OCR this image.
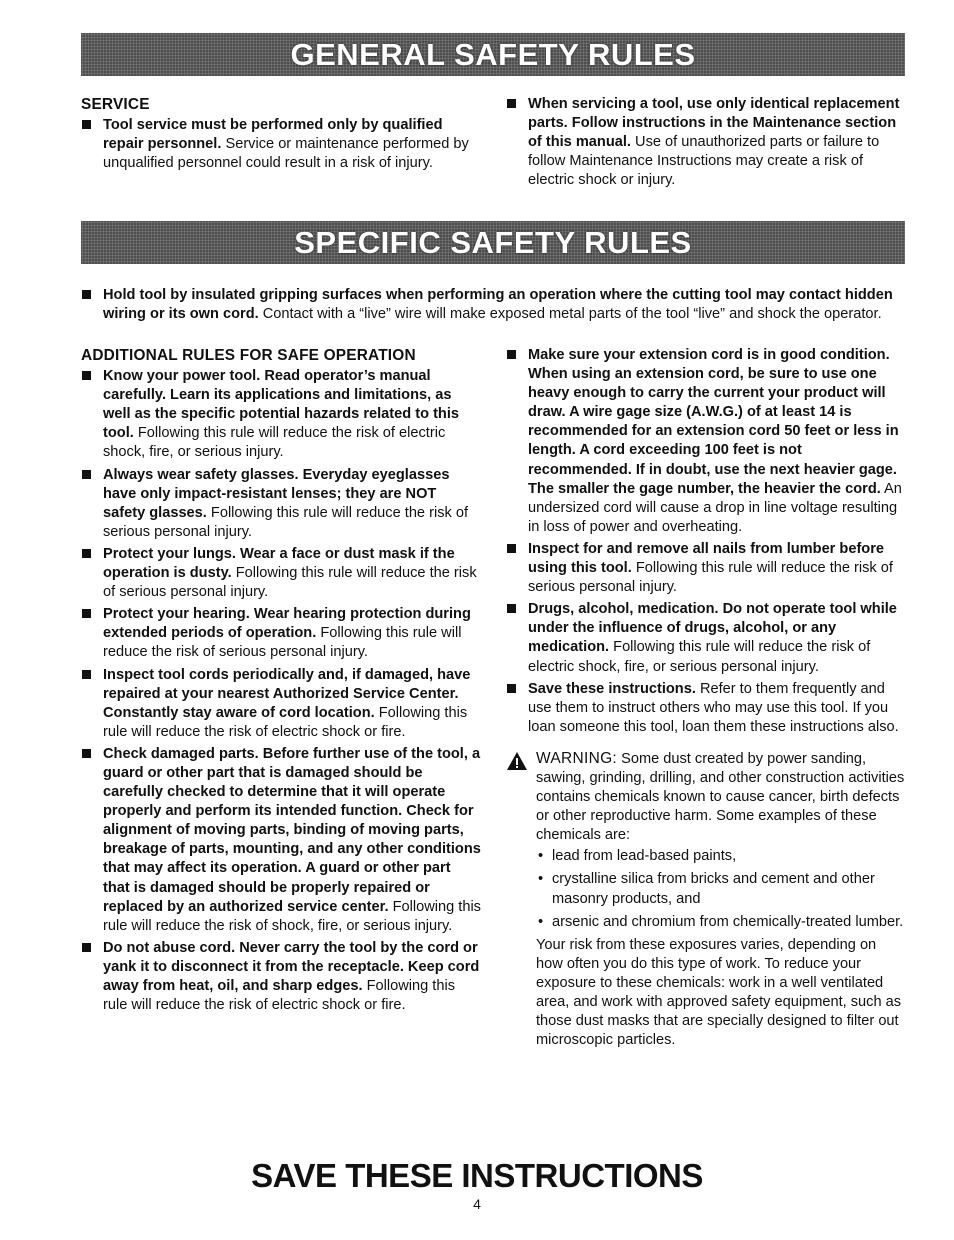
GENERAL SAFETY RULES

SERVICE

Tool service must be performed only by qualified repair personnel. Service or maintenance performed by unqualified personnel could result in a risk of injury.

When servicing a tool, use only identical replacement parts. Follow instructions in the Maintenance section of this manual. Use of unauthorized parts or failure to follow Maintenance Instructions may create a risk of electric shock or injury.

SPECIFIC SAFETY RULES

Hold tool by insulated gripping surfaces when performing an operation where the cutting tool may contact hidden wiring or its own cord. Contact with a “live” wire will make exposed metal parts of the tool “live” and shock the operator.

ADDITIONAL RULES FOR SAFE OPERATION

Know your power tool. Read operator’s manual carefully. Learn its applications and limitations, as well as the specific potential hazards related to this tool. Following this rule will reduce the risk of electric shock, fire, or serious injury.

Always wear safety glasses. Everyday eyeglasses have only impact-resistant lenses; they are NOT safety glasses. Following this rule will reduce the risk of serious personal injury.

Protect your lungs. Wear a face or dust mask if the operation is dusty. Following this rule will reduce the risk of serious personal injury.

Protect your hearing. Wear hearing protection during extended periods of operation. Following this rule will reduce the risk of serious personal injury.

Inspect tool cords periodically and, if damaged, have repaired at your nearest Authorized Service Center. Constantly stay aware of cord location. Following this rule will reduce the risk of electric shock or fire.

Check damaged parts. Before further use of the tool, a guard or other part that is damaged should be carefully checked to determine that it will operate properly and perform its intended function. Check for alignment of moving parts, binding of moving parts, breakage of parts, mounting, and any other conditions that may affect its operation. A guard or other part that is damaged should be properly repaired or replaced by an authorized service center. Following this rule will reduce the risk of shock, fire, or serious injury.

Do not abuse cord. Never carry the tool by the cord or yank it to disconnect it from the receptacle. Keep cord away from heat, oil, and sharp edges. Following this rule will reduce the risk of electric shock or fire.

Make sure your extension cord is in good condition. When using an extension cord, be sure to use one heavy enough to carry the current your product will draw. A wire gage size (A.W.G.) of at least 14 is recommended for an extension cord 50 feet or less in length. A cord exceeding 100 feet is not recommended. If in doubt, use the next heavier gage. The smaller the gage number, the heavier the cord. An undersized cord will cause a drop in line voltage resulting in loss of power and overheating.

Inspect for and remove all nails from lumber before using this tool. Following this rule will reduce the risk of serious personal injury.

Drugs, alcohol, medication. Do not operate tool while under the influence of drugs, alcohol, or any medication. Following this rule will reduce the risk of electric shock, fire, or serious personal injury.

Save these instructions. Refer to them frequently and use them to instruct others who may use this tool. If you loan someone this tool, loan them these instructions also.

WARNING: Some dust created by power sanding, sawing, grinding, drilling, and other construction activities contains chemicals known to cause cancer, birth defects or other reproductive harm. Some examples of these chemicals are:

• lead from lead-based paints,
• crystalline silica from bricks and cement and other masonry products, and
• arsenic and chromium from chemically-treated lumber.

Your risk from these exposures varies, depending on how often you do this type of work. To reduce your exposure to these chemicals: work in a well ventilated area, and work with approved safety equipment, such as those dust masks that are specially designed to filter out microscopic particles.

SAVE THESE INSTRUCTIONS
4
